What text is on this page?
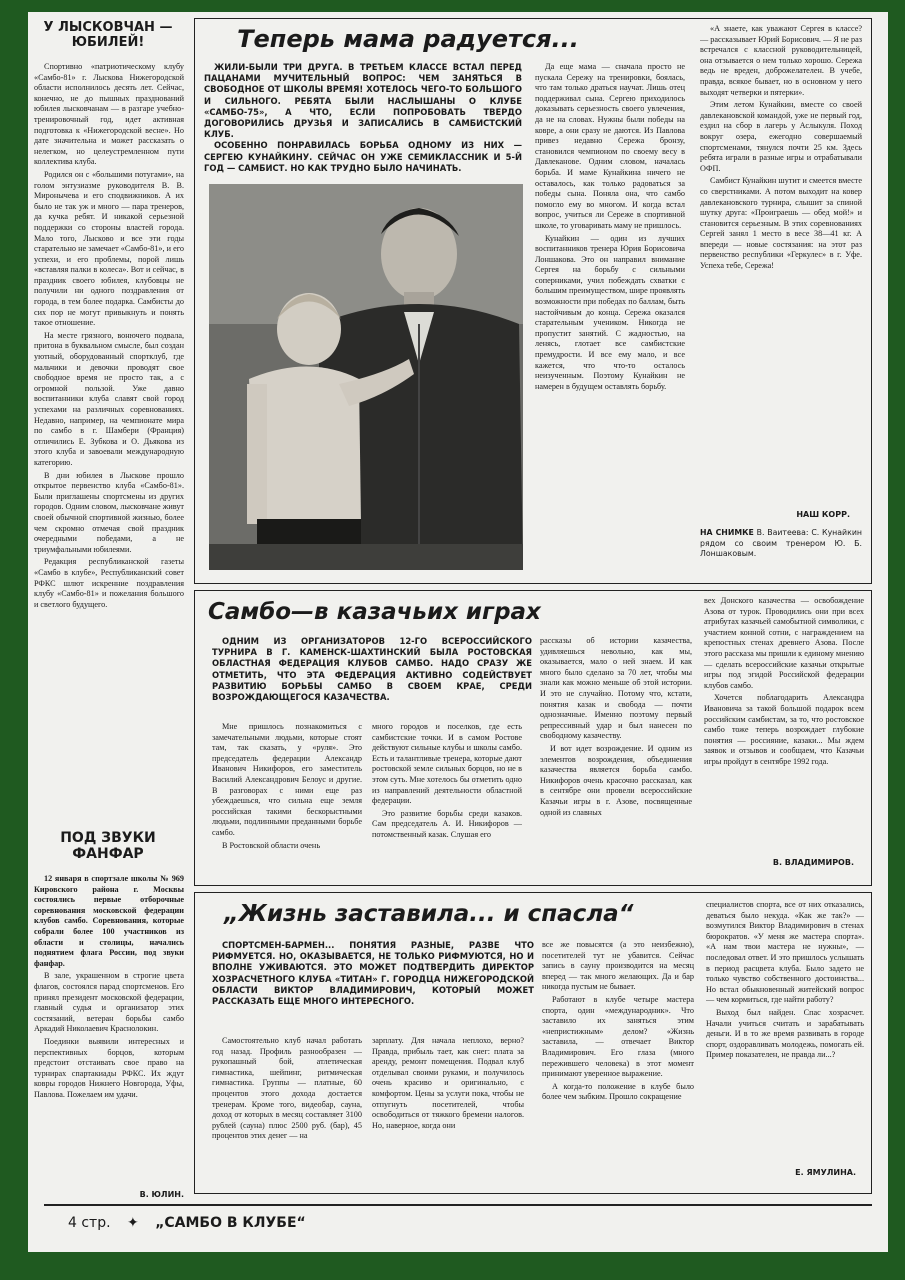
У ЛЫСКОВЧАН — ЮБИЛЕЙ!

Спортивно «патриотическому клубу «Самбо-81» г. Лыскова Нижегородской области исполнилось десять лет. Сейчас, конечно, не до пышных празднований юбилея лысковчанам — в разгаре учебно-тренировочный год, идет активная подготовка к «Нижегородской весне». Но дате значительна и может рассказать о нелегком, но целеустремленном пути коллектива клуба.

Родился он с «большими потугами», на голом энтузиазме руководителя В. В. Миронычева и его сподвижников. А их было не так уж и много — пара тренеров, да кучка ребят. И никакой серьезной поддержки со стороны властей города. Мало того, Лысково и все эти годы старательно не замечает «Самбо-81», и его успехи, и его проблемы, порой лишь «вставляя палки в колеса». Вот и сейчас, в праздник своего юбилея, клубовцы не получили ни одного поздравления от города, в тем более подарка. Самбисты до сих пор не могут привыкнуть и понять такое отношение.

На месте грязного, вонючего подвала, притона в буквальном смысле, был создан уютный, оборудованный спортклуб, где мальчики и девочки проводят свое свободное время не просто так, а с огромной пользой. Уже давно воспитанники клуба славят свой город успехами на различных соревнованиях. Недавно, например, на чемпионате мира по самбо в г. Шамбери (Франция) отличились Е. Зубкова и О. Дьякова из этого клуба и завоевали международную категорию.

В дни юбилея в Лыскове прошло открытое первенство клуба «Самбо-81». Были приглашены спортсмены из других городов. Одним словом, лысковчане живут своей обычной спортивной жизнью, более чем скромно отмечая свой праздник очередными победами, а не триумфальными юбилеями.

Редакция республиканской газеты «Самбо в клубе», Республиканский совет РФКС шлют искренние поздравления клубу «Самбо-81» и пожелания большого и светлого будущего.

ПОД ЗВУКИ ФАНФАР

12 января в спортзале школы № 969 Кировского района г. Москвы состоялись первые отборочные соревнования московской федерации клубов самбо. Соревнования, которые собрали более 100 участников из области и столицы, начались поднятием флага России, под звуки фанфар.

В зале, украшенном в строгие цвета флагов, состоялся парад спортсменов. Его принял президент московской федерации, главный судья и организатор этих состязаний, ветеран борьбы самбо Аркадий Николаевич Краснолокин.

Поединки выявили интересных и перспективных борцов, которым предстоит отстаивать свое право на турнирах спартакиады РФКС. Их ждут ковры городов Нижнего Новгорода, Уфы, Павлова. Пожелаем им удачи.

В. ЮЛИН.
Теперь мама радуется...
ЖИЛИ-БЫЛИ ТРИ ДРУГА. В ТРЕТЬЕМ КЛАССЕ ВСТАЛ ПЕРЕД ПАЦАНАМИ МУЧИТЕЛЬНЫЙ ВОПРОС: ЧЕМ ЗАНЯТЬСЯ В СВОБОДНОЕ ОТ ШКОЛЫ ВРЕМЯ! ХОТЕЛОСЬ ЧЕГО-ТО БОЛЬШОГО И СИЛЬНОГО. РЕБЯТА БЫЛИ НАСЛЫШАНЫ О КЛУБЕ «САМБО-75», А ЧТО, ЕСЛИ ПОПРОБОВАТЬ ТВЕРДО ДОГОВОРИЛИСЬ ДРУЗЬЯ И ЗАПИСАЛИСЬ В САМБИСТСКИЙ КЛУБ.
ОСОБЕННО ПОНРАВИЛАСЬ БОРЬБА ОДНОМУ ИЗ НИХ — СЕРГЕЮ КУНАЙКИНУ. СЕЙЧАС ОН УЖЕ СЕМИКЛАССНИК И 5-Й ГОД — САМБИСТ. НО КАК ТРУДНО БЫЛО НАЧИНАТЬ.

Да еще мама — сначала просто не пускала Сережу на тренировки, боялась, что там только драться научат. Лишь отец поддерживал сына. Сергею приходилось доказывать серьезность своего увлечения, да не на словах. Нужны были победы на ковре, а они сразу не даются. Из Павлова привез недавно Сережа бронзу, становился чемпионом по своему весу в Давлеканове. Одним словом, началась борьба. И маме Кунайкина ничего не оставалось, как только радоваться за победы сына. Поняла она, что самбо помогло ему во многом. И когда встал вопрос, учиться ли Сереже в спортивной школе, то уговаривать маму не пришлось.

Кунайкин — один из лучших воспитанников тренера Юрия Борисовича Лоншакова. Это он направил внимание Сергея на борьбу с сильными соперниками, учил побеждать схватки с большим преимуществом, шире проявлять возможности при победах по баллам, быть настойчивым до конца. Сережа оказался старательным учеником. Никогда не пропустит занятий. С жадностью, на ленясь, глотает все самбистские премудрости. И все ему мало, и все кажется, что что-то осталось неизученным. Поэтому Кунайкин не намерен в будущем оставлять борьбу.

«А знаете, как уважают Сергея в классе? — рассказывает Юрий Борисович. — Я не раз встречался с классной руководительницей, она отзывается о нем только хорошо. Сережа ведь не вреден, доброжелателен. В учебе, правда, всякое бывает, но в основном у него выходят четверки и пятерки».

Этим летом Кунайкин, вместе со своей давлекановской командой, уже не первый год, ездил на сбор в лагерь у Аслыкуля. Поход вокруг озера, ежегодно совершаемый спортсменами, тянулся почти 25 км. Здесь ребята играли в разные игры и отрабатывали ОФП.

Самбист Кунайкин шутит и смеется вместе со сверстниками. А потом выходит на ковер давлекановского турнира, слышит за спиной шутку друга: «Проиграешь — обед мой!» и становится серьезным. В этих соревнованиях Сергей занял 1 место в весе 38—41 кг. А впереди — новые состязания: на этот раз первенство республики «Геркулес» в г. Уфе. Успеха тебе, Сережа!

НАШ КОРР.
НА СНИМКЕ В. Ваитеева: С. Кунайкин рядом со своим тренером Ю. Б. Лоншаковым.
Самбо—в казачьих играх
ОДНИМ ИЗ ОРГАНИЗАТОРОВ 12-ГО ВСЕРОССИЙСКОГО ТУРНИРА В Г. КАМЕНСК-ШАХТИНСКИЙ БЫЛА РОСТОВСКАЯ ОБЛАСТНАЯ ФЕДЕРАЦИЯ КЛУБОВ САМБО. НАДО СРАЗУ ЖЕ ОТМЕТИТЬ, ЧТО ЭТА ФЕДЕРАЦИЯ АКТИВНО СОДЕЙСТВУЕТ РАЗВИТИЮ БОРЬБЫ САМБО В СВОЕМ КРАЕ, СРЕДИ ВОЗРОЖДАЮЩЕГОСЯ КАЗАЧЕСТВА.

Мне пришлось познакомиться с замечательными людьми, которые стоят там, так сказать, у «руля». Это председатель федерации Александр Иванович Никифоров, его заместитель Василий Александрович Белоус и другие. В разговорах с ними еще раз убеждаешься, что сильна еще земля российская такими бескорыстными людьми, подлинными преданными борьбе самбо.

В Ростовской области очень

много городов и поселков, где есть самбистские точки. И в самом Ростове действуют сильные клубы и школы самбо. Есть и талантливые тренера, которые дают ростовской земле сильных борцов, но не в этом суть. Мне хотелось бы отметить одно из направлений деятельности областной федерации.

Это развитие борьбы среди казаков. Сам председатель А. И. Никифоров — потомственный казак. Слушая его

рассказы об истории казачества, удивляешься невольно, как мы, оказывается, мало о ней знаем. И как много было сделано за 70 лет, чтобы мы знали как можно меньше об этой истории. И это не случайно. Потому что, кстати, понятия казак и свобода — почти однозначные. Именно поэтому первый репрессивный удар и был нанесен по свободному казачеству.

И вот идет возрождение. И одним из элементов возрождения, объединения казачества является борьба самбо. Никифоров очень красочно рассказал, как в сентябре они провели всероссийские Казачьи игры в г. Азове, посвященные одной из славных

вех Донского казачества — освобождение Азова от турок. Проводились они при всех атрибутах казачьей самобытной символики, с участием конной сотни, с награждением на крепостных стенах древнего Азова. После этого рассказа мы пришли к единому мнению — сделать всероссийские казачьи открытые игры под эгидой Российской федерации клубов самбо.

Хочется поблагодарить Александра Ивановича за такой большой подарок всем российским самбистам, за то, что ростовское самбо тоже теперь возрождает глубокие понятия — россияние, казаки... Мы ждем заявок и отзывов и сообщаем, что Казачьи игры пройдут в сентябре 1992 года.

В. ВЛАДИМИРОВ.
„Жизнь заставила... и спасла“
СПОРТСМЕН-БАРМЕН... ПОНЯТИЯ РАЗНЫЕ, РАЗВЕ ЧТО РИФМУЕТСЯ. НО, ОКАЗЫВАЕТСЯ, НЕ ТОЛЬКО РИФМУЮТСЯ, НО И ВПОЛНЕ УЖИВАЮТСЯ. ЭТО МОЖЕТ ПОДТВЕРДИТЬ ДИРЕКТОР ХОЗРАСЧЕТНОГО КЛУБА «ТИТАН» Г. ГОРОДЦА НИЖЕГОРОДСКОЙ ОБЛАСТИ ВИКТОР ВЛАДИМИРОВИЧ, КОТОРЫЙ МОЖЕТ РАССКАЗАТЬ ЕЩЕ МНОГО ИНТЕРЕСНОГО.

Самостоятельно клуб начал работать год назад. Профиль разнообразен — рукопашный бой, атлетическая гимнастика, шейпинг, ритмическая гимнастика. Группы — платные, 60 процентов этого дохода достается тренерам. Кроме того, видеобар, сауна, доход от которых в месяц составляет 3100 рублей (сауна) плюс 2500 руб. (бар), 45 процентов этих денег — на

зарплату. Для начала неплохо, верно? Правда, прибыль тает, как снег: плата за аренду, ремонт помещения. Подвал клуб отделывал своими руками, и получилось очень красиво и оригинально, с комфортом. Цены за услуги пока, чтобы не отпугнуть посетителей, чтобы освободиться от тяжкого бремени налогов. Но, наверное, когда они

все же повысятся (а это неизбежно), посетителей тут не убавится. Сейчас запись в сауну производится на месяц вперед — так много желающих. Да и бар никогда пустым не бывает.

Работают в клубе четыре мастера спорта, один «международник». Что заставило их заняться этим «непристижным» делом? «Жизнь заставила, — отвечает Виктор Владимирович. Его глаза (много пережившего человека) в этот момент принимают уверенное выражение.

А когда-то положение в клубе было более чем зыбким. Прошло сокращение

специалистов спорта, все от них отказались, деваться было некуда. «Как же так?» — возмутился Виктор Владимирович в стенах бюрократов. «У меня же мастера спорта». «А нам твои мастера не нужны», — последовал ответ. И это пришлось услышать в период расцвета клуба. Было задето не только чувство собственного достоинства... Но встал обыкновенный житейский вопрос — чем кормиться, где найти работу?

Выход был найден. Спас хозрасчет. Начали учиться считать и зарабатывать деньги. И в то же время развивать в городе спорт, оздоравливать молодежь, помогать ей. Пример показателен, не правда ли...?

Е. ЯМУЛИНА.
4 стр. ✦ „САМБО В КЛУБЕ“
